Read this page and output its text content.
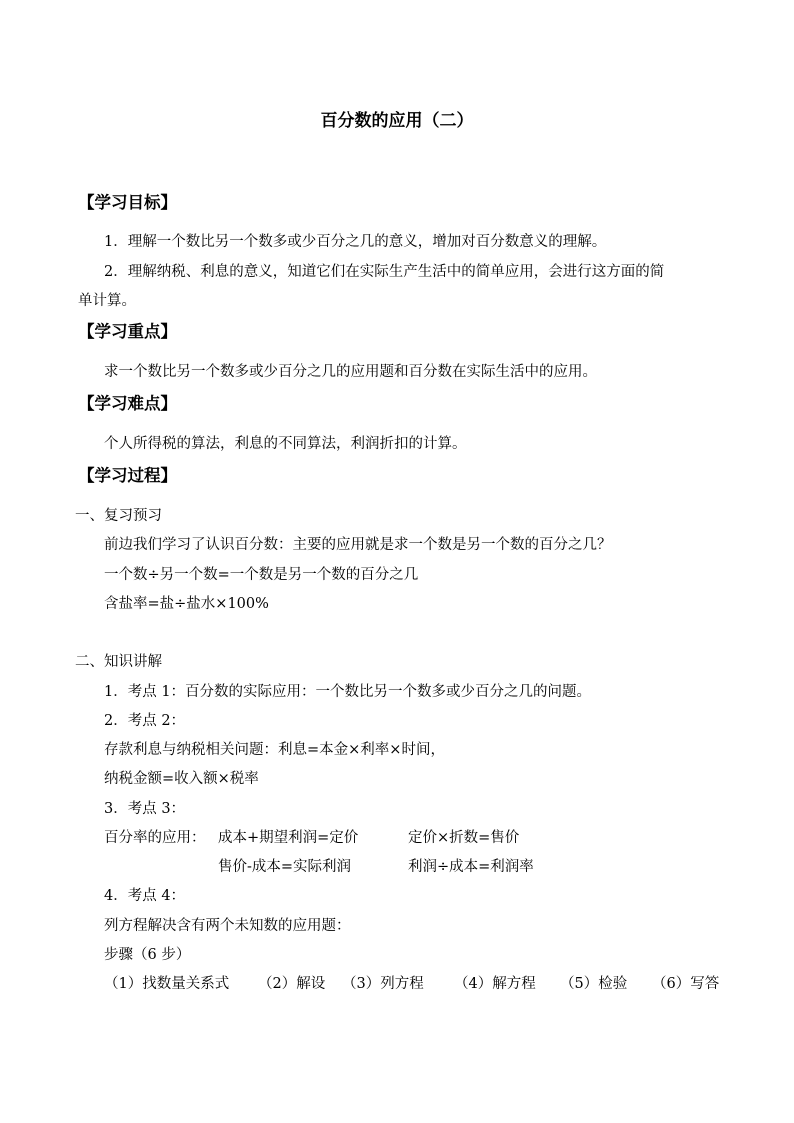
百分数的应用（二）
【学习目标】
1．理解一个数比另一个数多或少百分之几的意义，增加对百分数意义的理解。
2．理解纳税、利息的意义，知道它们在实际生产生活中的简单应用，会进行这方面的简
单计算。
【学习重点】
求一个数比另一个数多或少百分之几的应用题和百分数在实际生活中的应用。
【学习难点】
个人所得税的算法，利息的不同算法，利润折扣的计算。
【学习过程】
一、复习预习
前边我们学习了认识百分数：主要的应用就是求一个数是另一个数的百分之几？
一个数÷另一个数=一个数是另一个数的百分之几
含盐率=盐÷盐水×100%
二、知识讲解
1．考点 1：百分数的实际应用：一个数比另一个数多或少百分之几的问题。
2．考点 2：
存款利息与纳税相关问题：利息=本金×利率×时间，
纳税金额=收入额×税率
3．考点 3：
百分率的应用： 成本+期望利润=定价	定价×折数=售价
售价-成本=实际利润	利润÷成本=利润率
4．考点 4：
列方程解决含有两个未知数的应用题：
步骤（6 步）
（1）找数量关系式 （2）解设 （3）列方程 （4）解方程 （5）检验 （6）写答
